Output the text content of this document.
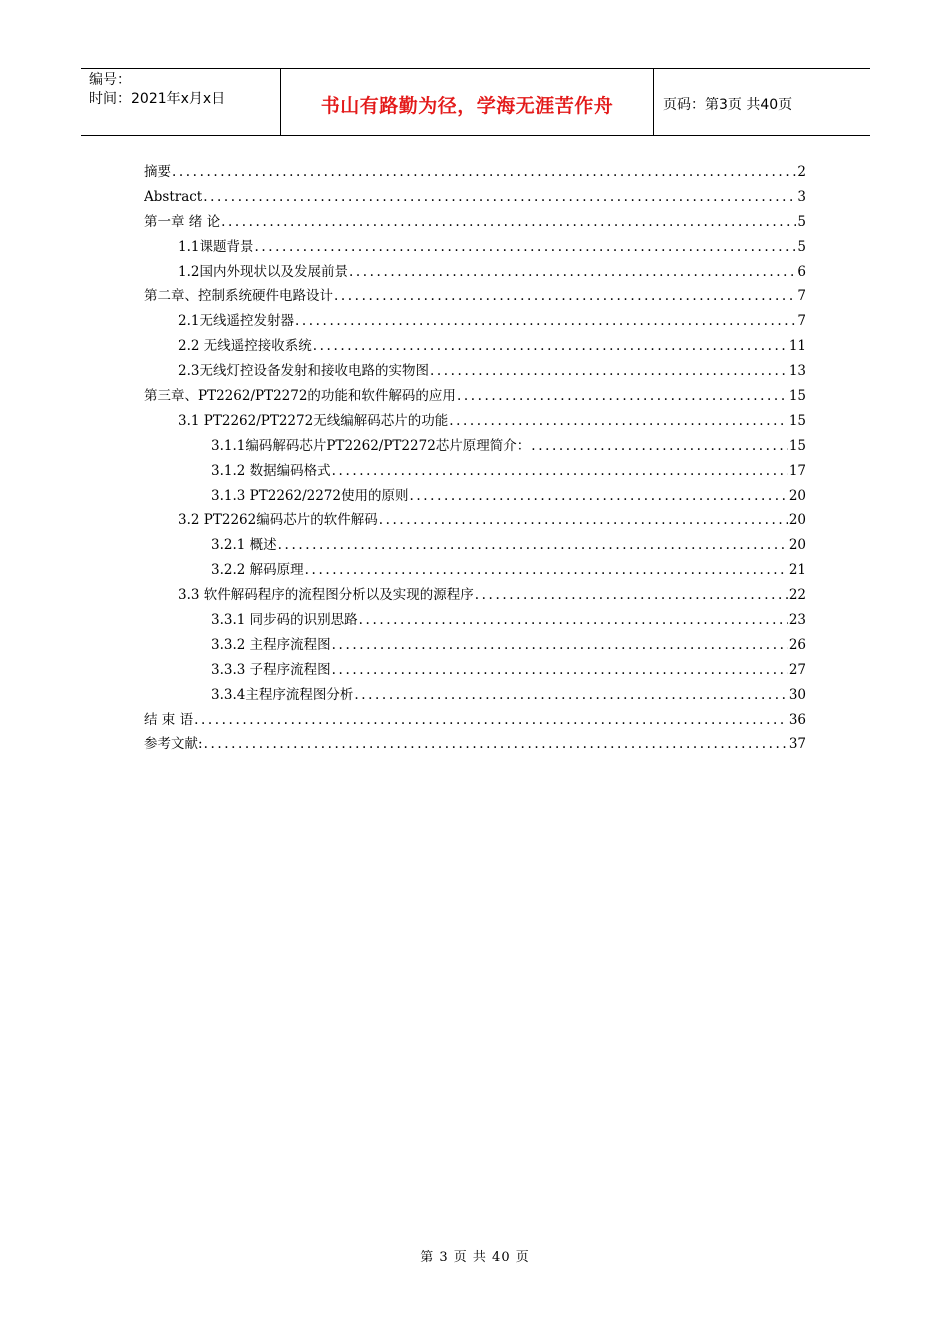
编号：
时间：2021年x月x日	书山有路勤为径，学海无涯苦作舟	页码：第3页 共40页
摘要 .....	2
Abstract .....	3
第一章 绪 论 .....	5
1.1课题背景 .....	5
1.2国内外现状以及发展前景 .....	6
第二章、控制系统硬件电路设计 .....	7
2.1无线遥控发射器 .....	7
2.2 无线遥控接收系统 .....	11
2.3无线灯控设备发射和接收电路的实物图 .....	13
第三章、PT2262/PT2272的功能和软件解码的应用 .....	15
3.1 PT2262/PT2272无线编解码芯片的功能 .....	15
3.1.1编码解码芯片PT2262/PT2272芯片原理简介： .....	15
3.1.2 数据编码格式 .....	17
3.1.3 PT2262/2272使用的原则 .....	20
3.2 PT2262编码芯片的软件解码 .....	20
3.2.1 概述 .....	20
3.2.2 解码原理 .....	21
3.3 软件解码程序的流程图分析以及实现的源程序 .....	22
3.3.1 同步码的识别思路 .....	23
3.3.2 主程序流程图 .....	26
3.3.3 子程序流程图 .....	27
3.3.4主程序流程图分析 .....	30
结 束 语 .....	36
参考文献: .....	37
第 3 页 共 40 页
